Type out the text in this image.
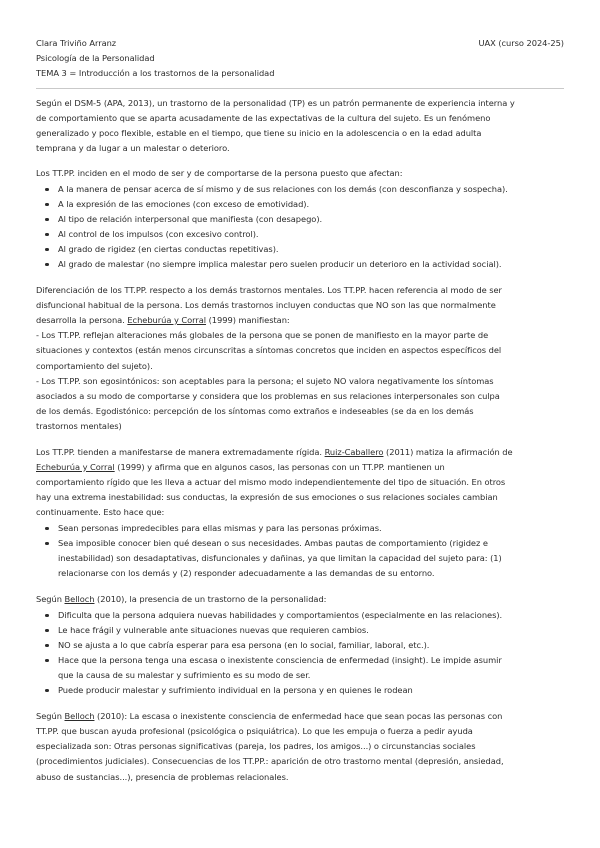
Clara Triviño Arranz	UAX (curso 2024-25)
Psicología de la Personalidad
TEMA 3 = Introducción a los trastornos de la personalidad

Según el DSM-5 (APA, 2013), un trastorno de la personalidad (TP) es un patrón permanente de experiencia interna y
de comportamiento que se aparta acusadamente de las expectativas de la cultura del sujeto. Es un fenómeno
generalizado y poco flexible, estable en el tiempo, que tiene su inicio en la adolescencia o en la edad adulta
temprana y da lugar a un malestar o deterioro.

Los TT.PP. inciden en el modo de ser y de comportarse de la persona puesto que afectan:

A la manera de pensar acerca de sí mismo y de sus relaciones con los demás (con desconfianza y sospecha).
A la expresión de las emociones (con exceso de emotividad).
Al tipo de relación interpersonal que manifiesta (con desapego).
Al control de los impulsos (con excesivo control).
Al grado de rigidez (en ciertas conductas repetitivas).
Al grado de malestar (no siempre implica malestar pero suelen producir un deterioro en la actividad social).

Diferenciación de los TT.PP. respecto a los demás trastornos mentales. Los TT.PP. hacen referencia al modo de ser
disfuncional habitual de la persona. Los demás trastornos incluyen conductas que NO son las que normalmente
desarrolla la persona. Echeburúa y Corral (1999) manifiestan:
- Los TT.PP. reflejan alteraciones más globales de la persona que se ponen de manifiesto en la mayor parte de
situaciones y contextos (están menos circunscritas a síntomas concretos que inciden en aspectos específicos del
comportamiento del sujeto).
- Los TT.PP. son egosintónicos: son aceptables para la persona; el sujeto NO valora negativamente los síntomas
asociados a su modo de comportarse y considera que los problemas en sus relaciones interpersonales son culpa
de los demás. Egodistónico: percepción de los síntomas como extraños e indeseables (se da en los demás
trastornos mentales)

Los TT.PP. tienden a manifestarse de manera extremadamente rígida. Ruiz-Caballero (2011) matiza la afirmación de
Echeburúa y Corral (1999) y afirma que en algunos casos, las personas con un TT.PP. mantienen un
comportamiento rígido que les lleva a actuar del mismo modo independientemente del tipo de situación. En otros
hay una extrema inestabilidad: sus conductas, la expresión de sus emociones o sus relaciones sociales cambian
continuamente. Esto hace que:

Sean personas impredecibles para ellas mismas y para las personas próximas.
Sea imposible conocer bien qué desean o sus necesidades. Ambas pautas de comportamiento (rigidez e
inestabilidad) son desadaptativas, disfuncionales y dañinas, ya que limitan la capacidad del sujeto para: (1)
relacionarse con los demás y (2) responder adecuadamente a las demandas de su entorno.

Según Belloch (2010), la presencia de un trastorno de la personalidad:

Dificulta que la persona adquiera nuevas habilidades y comportamientos (especialmente en las relaciones).
Le hace frágil y vulnerable ante situaciones nuevas que requieren cambios.
NO se ajusta a lo que cabría esperar para esa persona (en lo social, familiar, laboral, etc.).
Hace que la persona tenga una escasa o inexistente consciencia de enfermedad (insight). Le impide asumir
que la causa de su malestar y sufrimiento es su modo de ser.
Puede producir malestar y sufrimiento individual en la persona y en quienes le rodean

Según Belloch (2010): La escasa o inexistente consciencia de enfermedad hace que sean pocas las personas con
TT.PP. que buscan ayuda profesional (psicológica o psiquiátrica). Lo que les empuja o fuerza a pedir ayuda
especializada son: Otras personas significativas (pareja, los padres, los amigos...) o circunstancias sociales
(procedimientos judiciales). Consecuencias de los TT.PP.: aparición de otro trastorno mental (depresión, ansiedad,
abuso de sustancias...), presencia de problemas relacionales.
